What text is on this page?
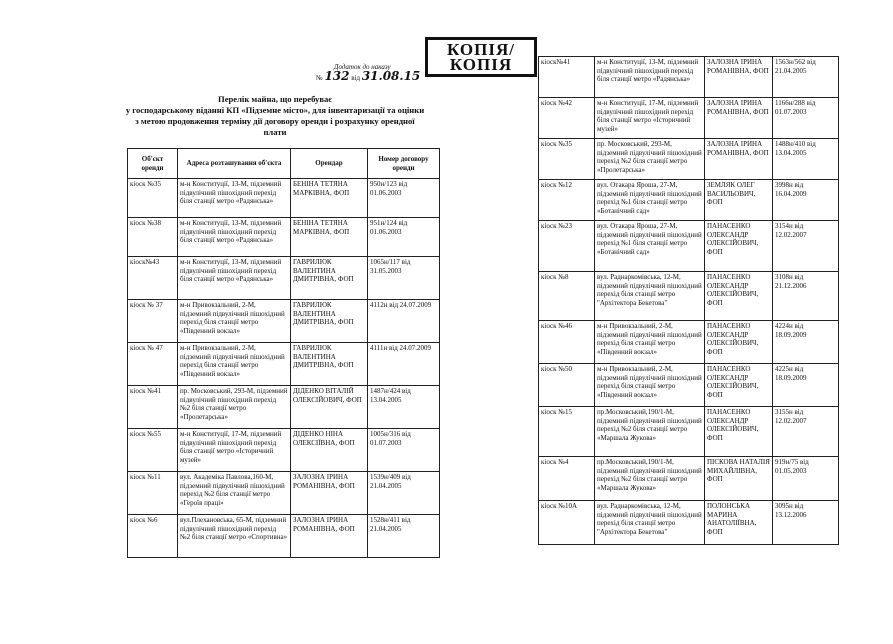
КОПІЯ/
КОПІЯ
Додаток до наказу
№ 132 від 31.08.15
Перелік майна, що перебуває
у господарському віданні КП «Підземне місто», для інвентаризації та оцінки
з метою продовження терміну дії договору оренди і розрахунку орендної
плати
Об'єкт оренди	Адреса розташування об'єкта	Орендар	Номер договору оренди
кіоск №35	м-н Конституції, 13-М, підземний підвулічний пішохідний перехід біля станції метро «Радянська»	БЕНІНА ТЕТЯНА МАРКІВНА, ФОП	950н/123 від 01.06.2003
кіоск №38	м-н Конституції, 13-М, підземний підвулічний пішохідний перехід біля станції метро «Радянська»	БЕНІНА ТЕТЯНА МАРКІВНА, ФОП	951н/124 від 01.06.2003
кіоск№43	м-н Конституції, 13-М, підземний підвулічний пішохідний перехід біля станції метро «Радянська»	ГАВРИЛЮК ВАЛЕНТИНА ДМИТРІВНА, ФОП	1065н/117 від 31.05.2003
кіоск № 37	м-н Привокзальний, 2-М, підземний підвулічний пішохідний перехід біля станції метро «Південний вокзал»	ГАВРИЛЮК ВАЛЕНТИНА ДМИТРІВНА, ФОП	4112н від 24.07.2009
кіоск № 47	м-н Привокзальний, 2-М, підземний підвулічний пішохідний перехід біля станції метро «Південний вокзал»	ГАВРИЛЮК ВАЛЕНТИНА ДМИТРІВНА, ФОП	4111н від 24.07.2009
кіоск №41	пр. Московський, 293-М, підземний підвулічний пішохідний перехід №2 біля станції метро «Пролетарська»	ДІДЕНКО ВІТАЛІЙ ОЛЕКСІЙОВИЧ, ФОП	1487н/424 від 13.04.2005
кіоск №55	м-н Конституції, 17-М, підземний підвулічний пішохідний перехід біля станції метро «Історичний музей»	ДІДЕНКО НІНА ОЛЕКСІЇВНА, ФОП	1005н/316 від 01.07.2003
кіоск №11	вул. Академіка Павлова,160-М, підземний підвулічний пішохідний перехід №2 біля станції метро «Героїв праці»	ЗАЛОЗНА ІРИНА РОМАНІВНА, ФОП	1539н/409 від 21.04.2005
кіоск №6	вул.Плехановська, 65-М, підземний підвулічний пішохідний перехід №2 біля станції метро «Спортивна»	ЗАЛОЗНА ІРИНА РОМАНІВНА, ФОП	1528н/411 від 21.04.2005
кіоск№41	м-н Конституції, 13-М, підземний підвулічний пішохідний перехід біля станції метро «Радянська»	ЗАЛОЗНА ІРИНА РОМАНІВНА, ФОП	1563н/562 від 21.04.2005
кіоск №42	м-н Конституції, 17-М, підземний підвулічний пішохідний перехід біля станції метро «Історичний музей»	ЗАЛОЗНА ІРИНА РОМАНІВНА, ФОП	1166н/288 від 01.07.2003
кіоск №35	пр. Московський, 293-М, підземний підвулічний пішохідний перехід №2 біля станції метро «Пролетарська»	ЗАЛОЗНА ІРИНА РОМАНІВНА, ФОП	1488н/410 від 13.04.2005
кіоск №12	вул. Отакара Яроша, 27-М, підземний підвулічний пішохідний перехід №1 біля станції метро «Ботанічний сад»	ЗЕМЛЯК ОЛЕГ ВАСИЛЬОВИЧ, ФОП	3998н від 16.04.2009
кіоск №23	вул. Отакара Яроша, 27-М, підземний підвулічний пішохідний перехід №1 біля станції метро «Ботанічний сад»	ПАНАСЕНКО ОЛЕКСАНДР ОЛЕКСІЙОВИЧ, ФОП	3154н від 12.02.2007
кіоск №8	вул. Раднаркомівська, 12-М, підземний підвулічний пішохідний перехід біля станції метро "Архітектора Бекетова"	ПАНАСЕНКО ОЛЕКСАНДР ОЛЕКСІЙОВИЧ, ФОП	3108н від 21.12.2006
кіоск №46	м-н Привокзальний, 2-М, підземний підвулічний пішохідний перехід біля станції метро «Південний вокзал»	ПАНАСЕНКО ОЛЕКСАНДР ОЛЕКСІЙОВИЧ, ФОП	4224н від 18.09.2009
кіоск №50	м-н Привокзальний, 2-М, підземний підвулічний пішохідний перехід біля станції метро «Південний вокзал»	ПАНАСЕНКО ОЛЕКСАНДР ОЛЕКСІЙОВИЧ, ФОП	4225н від 18.09.2009
кіоск №15	пр.Московський,190/1-М, підземний підвулічний пішохідний перехід №2 біля станції метро «Маршала Жукова»	ПАНАСЕНКО ОЛЕКСАНДР ОЛЕКСІЙОВИЧ, ФОП	3155н від 12.02.2007
кіоск №4	пр.Московський,190/1-М, підземний підвулічний пішохідний перехід №2 біля станції метро «Маршала Жукова»	ПІСКОВА НАТАЛІЯ МИХАЙЛІВНА, ФОП	919н/75 від 01.05.2003
кіоск №10А	вул. Раднаркомівська, 12-М, підземний підвулічний пішохідний перехід біля станції метро "Архітектора Бекетова"	ПОЛОНСЬКА МАРИНА АНАТОЛІЇВНА, ФОП	3095н від 13.12.2006
